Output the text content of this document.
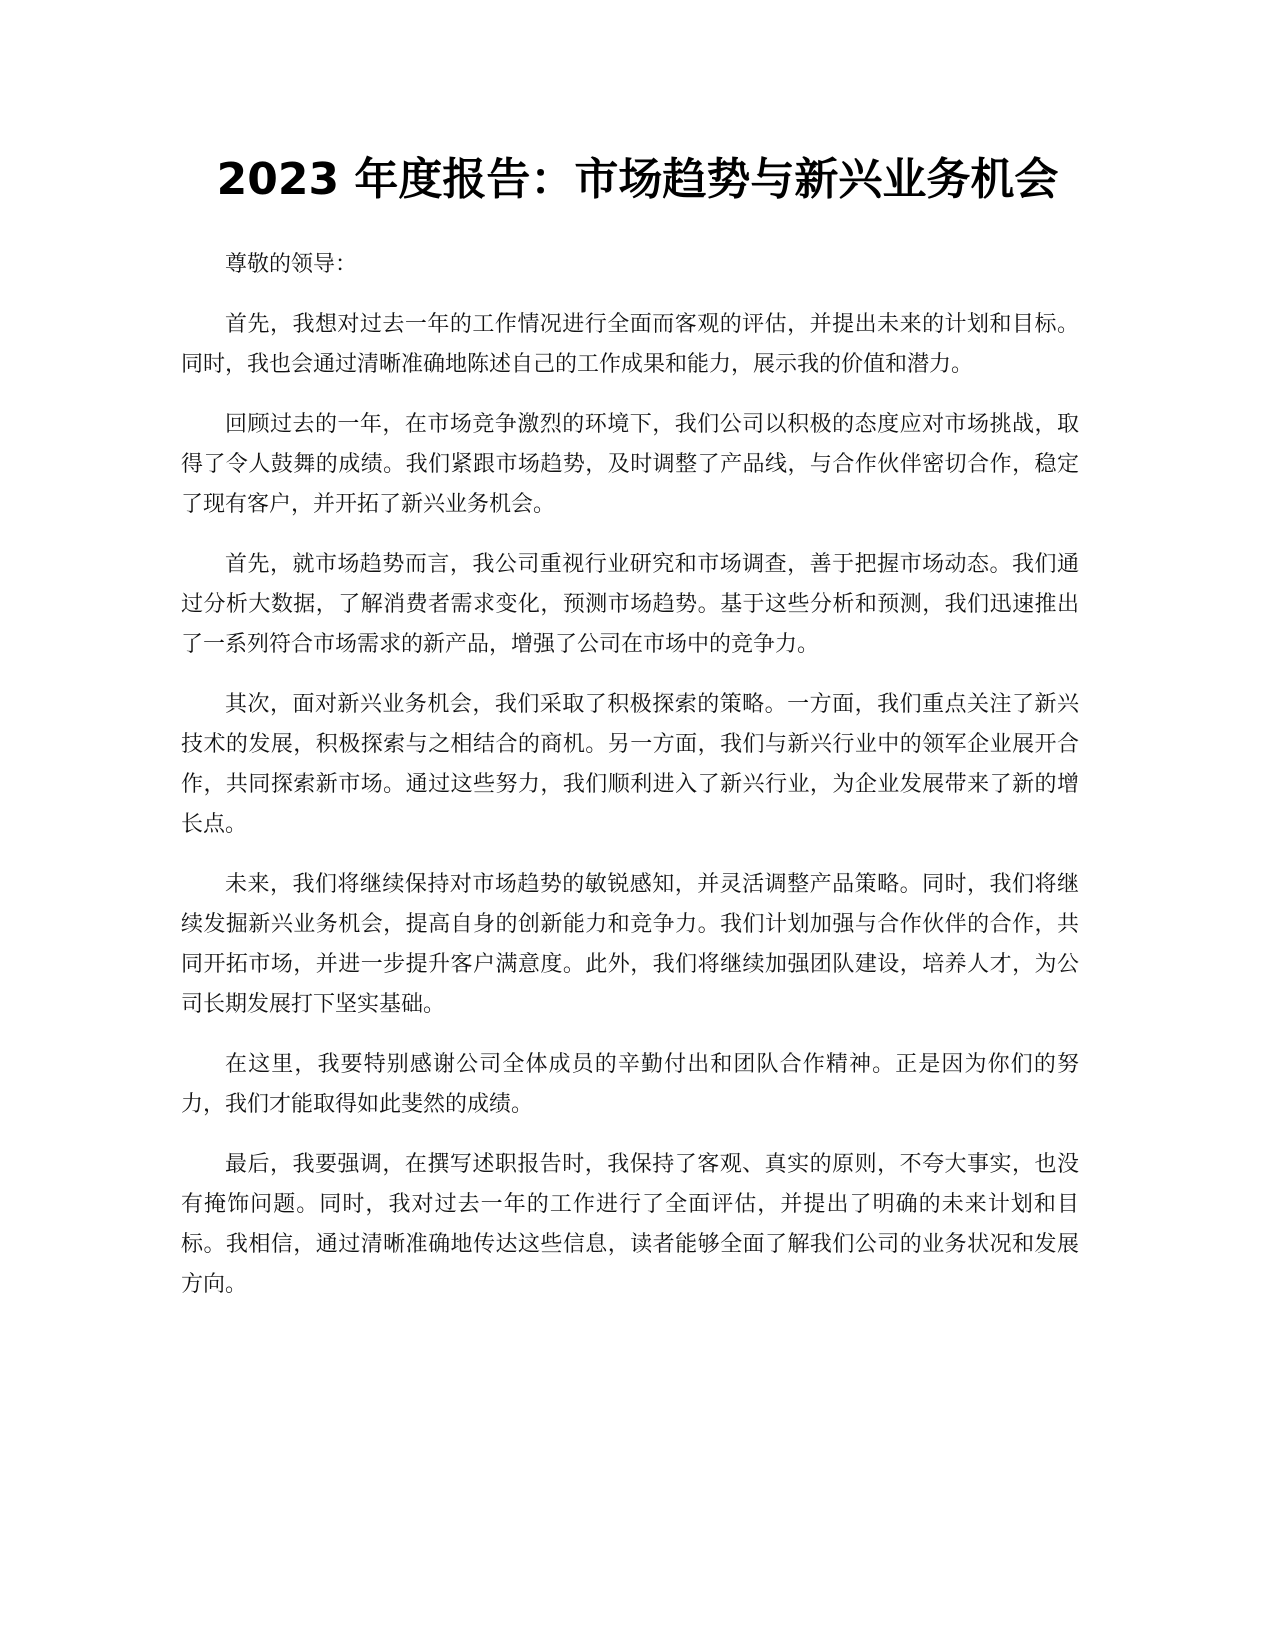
2023 年度报告：市场趋势与新兴业务机会

尊敬的领导：

首先，我想对过去一年的工作情况进行全面而客观的评估，并提出未来的计划和目标。同时，我也会通过清晰准确地陈述自己的工作成果和能力，展示我的价值和潜力。

回顾过去的一年，在市场竞争激烈的环境下，我们公司以积极的态度应对市场挑战，取得了令人鼓舞的成绩。我们紧跟市场趋势，及时调整了产品线，与合作伙伴密切合作，稳定了现有客户，并开拓了新兴业务机会。

首先，就市场趋势而言，我公司重视行业研究和市场调查，善于把握市场动态。我们通过分析大数据，了解消费者需求变化，预测市场趋势。基于这些分析和预测，我们迅速推出了一系列符合市场需求的新产品，增强了公司在市场中的竞争力。

其次，面对新兴业务机会，我们采取了积极探索的策略。一方面，我们重点关注了新兴技术的发展，积极探索与之相结合的商机。另一方面，我们与新兴行业中的领军企业展开合作，共同探索新市场。通过这些努力，我们顺利进入了新兴行业，为企业发展带来了新的增长点。

未来，我们将继续保持对市场趋势的敏锐感知，并灵活调整产品策略。同时，我们将继续发掘新兴业务机会，提高自身的创新能力和竞争力。我们计划加强与合作伙伴的合作，共同开拓市场，并进一步提升客户满意度。此外，我们将继续加强团队建设，培养人才，为公司长期发展打下坚实基础。

在这里，我要特别感谢公司全体成员的辛勤付出和团队合作精神。正是因为你们的努力，我们才能取得如此斐然的成绩。

最后，我要强调，在撰写述职报告时，我保持了客观、真实的原则，不夸大事实，也没有掩饰问题。同时，我对过去一年的工作进行了全面评估，并提出了明确的未来计划和目标。我相信，通过清晰准确地传达这些信息，读者能够全面了解我们公司的业务状况和发展方向。
